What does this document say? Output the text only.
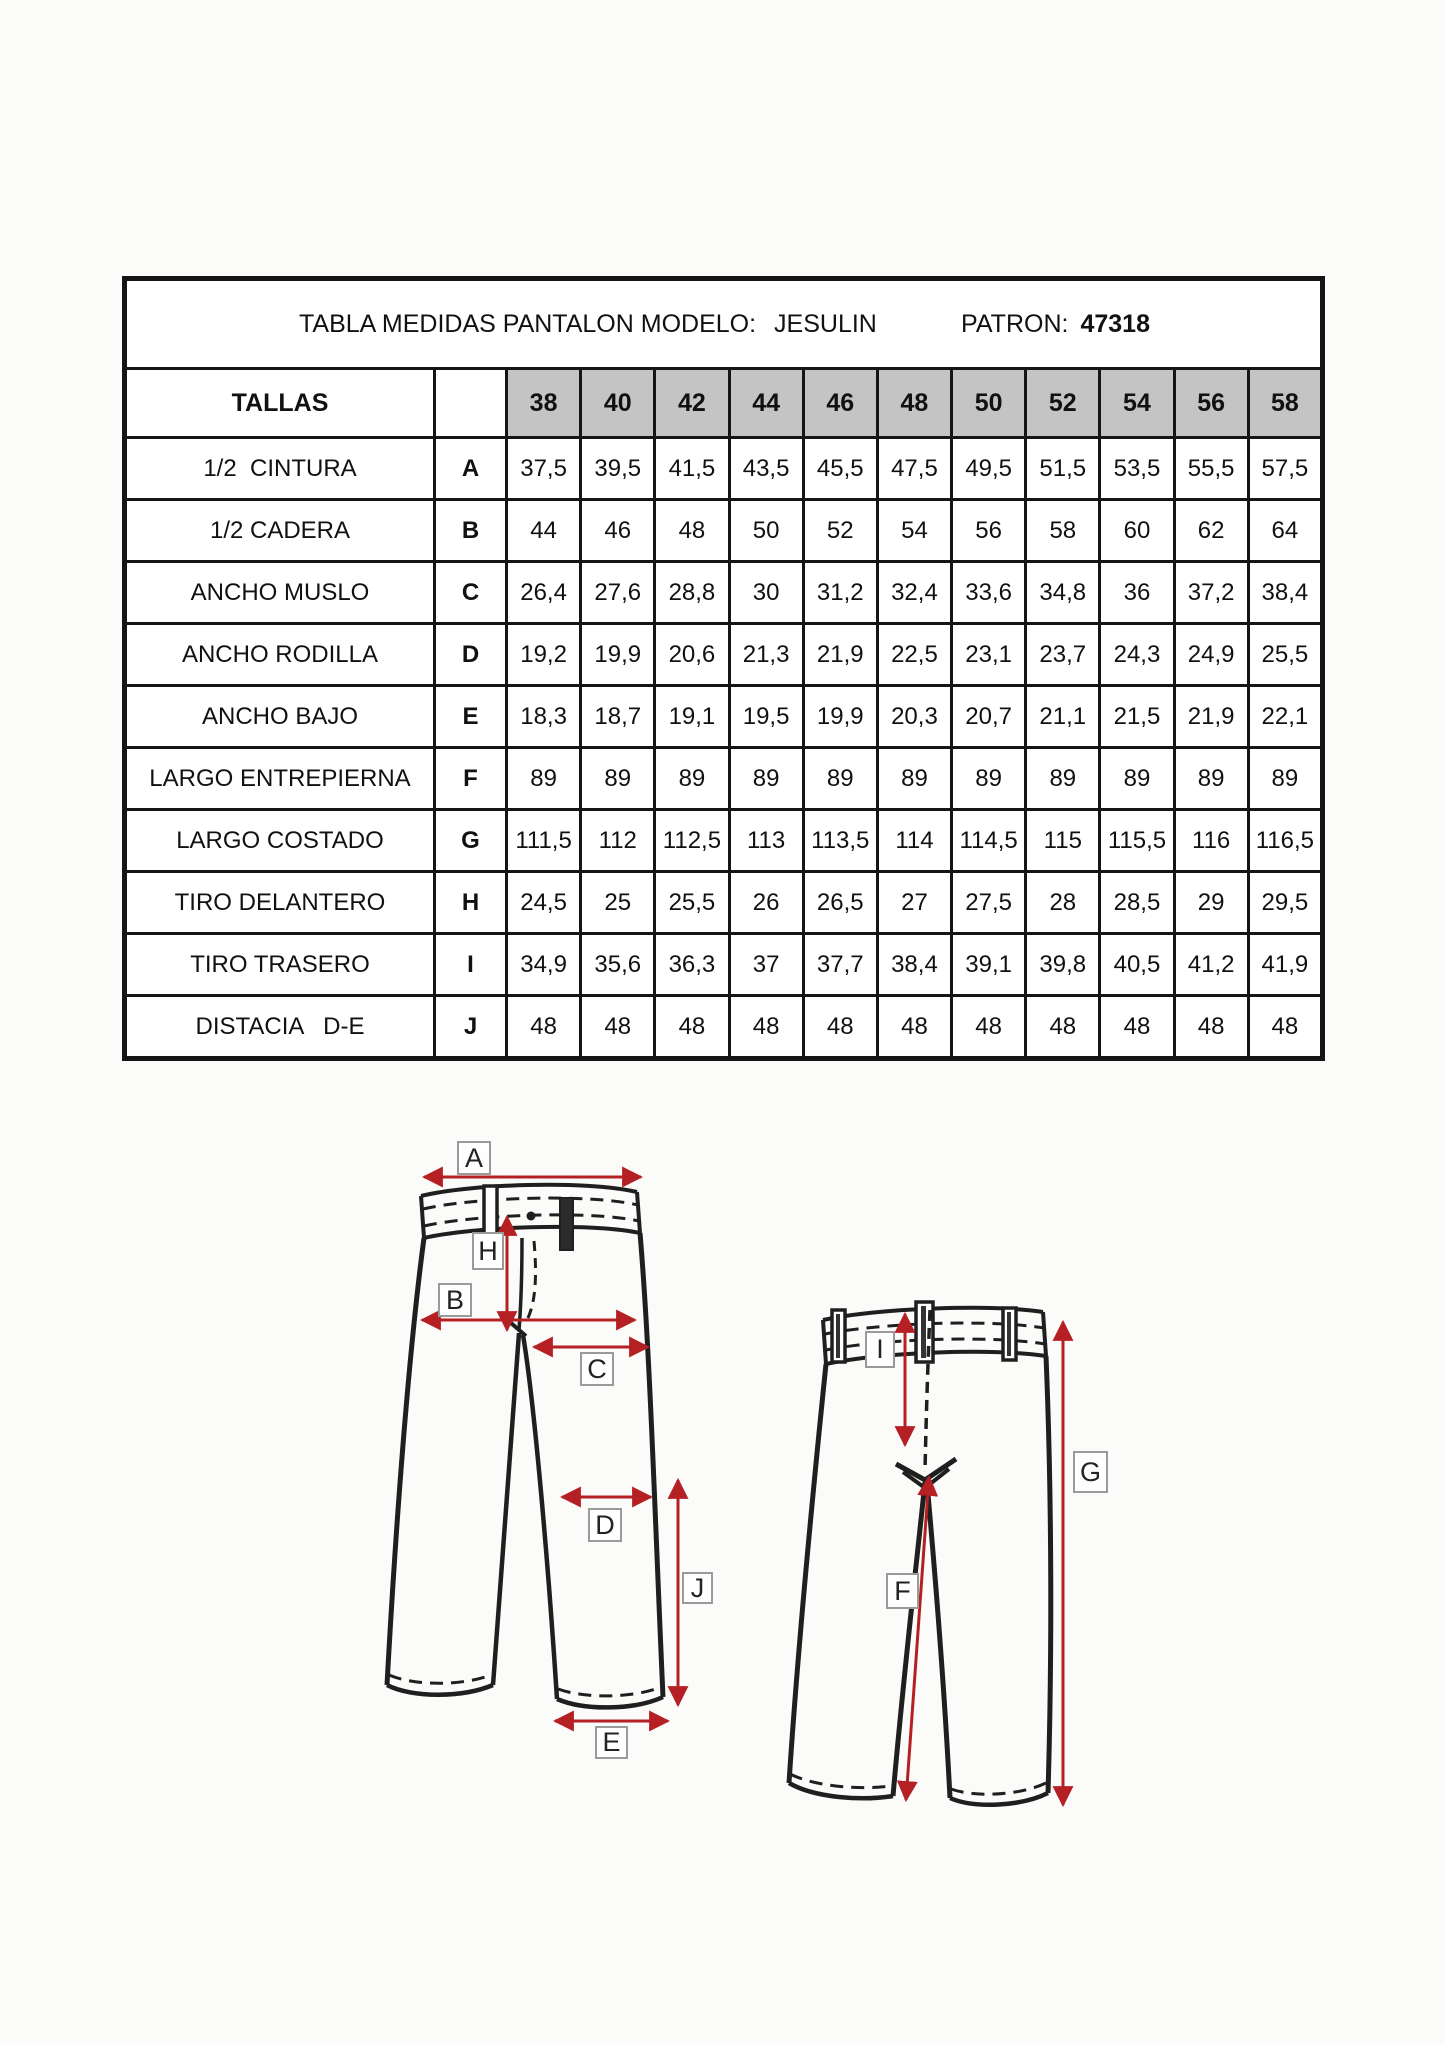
TABLA MEDIDAS PANTALON MODELO: JESULIN PATRON: 47318												

TALLAS		38	40	42	44	46	48	50	52	54	56	58
1/2  CINTURA	A	37,5	39,5	41,5	43,5	45,5	47,5	49,5	51,5	53,5	55,5	57,5
1/2 CADERA	B	44	46	48	50	52	54	56	58	60	62	64
ANCHO MUSLO	C	26,4	27,6	28,8	30	31,2	32,4	33,6	34,8	36	37,2	38,4
ANCHO RODILLA	D	19,2	19,9	20,6	21,3	21,9	22,5	23,1	23,7	24,3	24,9	25,5
ANCHO BAJO	E	18,3	18,7	19,1	19,5	19,9	20,3	20,7	21,1	21,5	21,9	22,1
LARGO ENTREPIERNA	F	89	89	89	89	89	89	89	89	89	89	89
LARGO COSTADO	G	111,5	112	112,5	113	113,5	114	114,5	115	115,5	116	116,5
TIRO DELANTERO	H	24,5	25	25,5	26	26,5	27	27,5	28	28,5	29	29,5
TIRO TRASERO	I	34,9	35,6	36,3	37	37,7	38,4	39,1	39,8	40,5	41,2	41,9
DISTACIA   D-E	J	48	48	48	48	48	48	48	48	48	48	48
A
H
B
C
D
J
E
I
G
F
